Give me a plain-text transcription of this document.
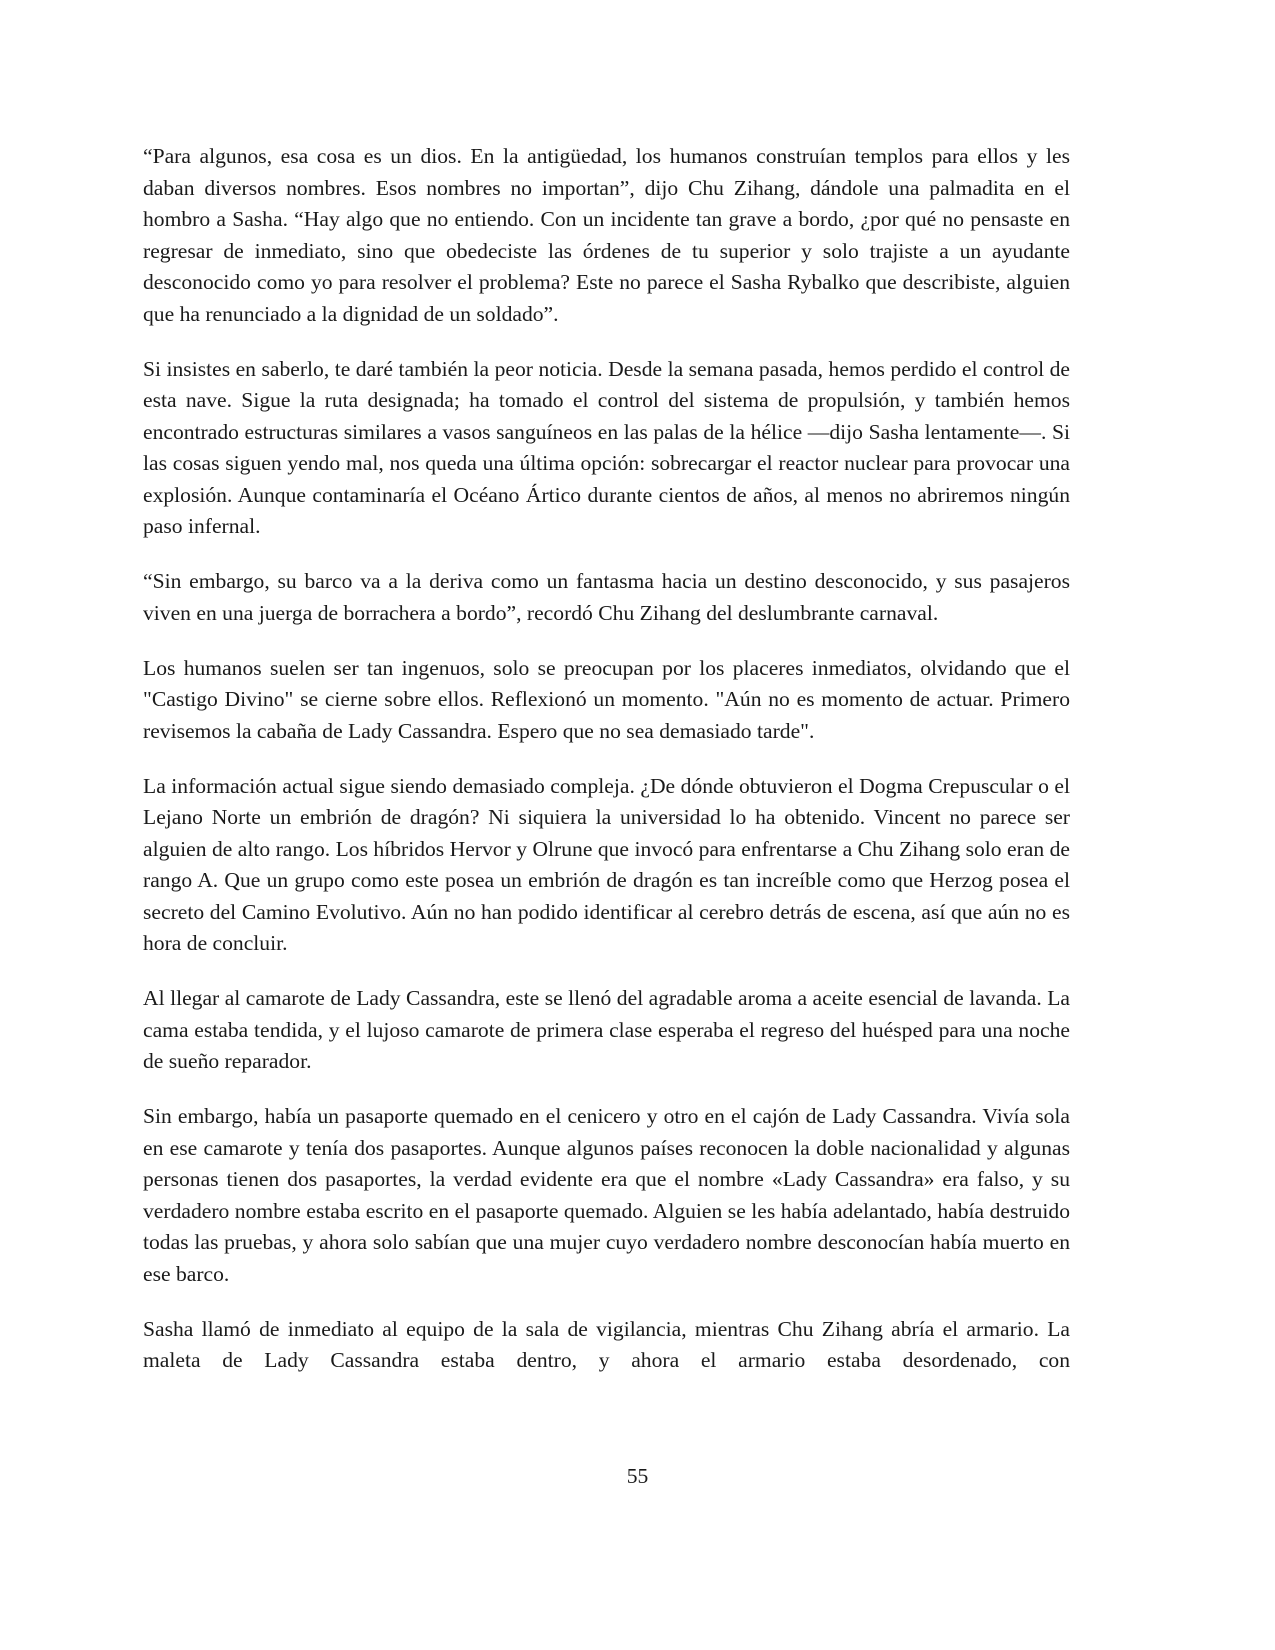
“Para algunos, esa cosa es un dios. En la antigüedad, los humanos construían templos para ellos y les daban diversos nombres. Esos nombres no importan”, dijo Chu Zihang, dándole una palmadita en el hombro a Sasha. “Hay algo que no entiendo. Con un incidente tan grave a bordo, ¿por qué no pensaste en regresar de inmediato, sino que obedeciste las órdenes de tu superior y solo trajiste a un ayudante desconocido como yo para resolver el problema? Este no parece el Sasha Rybalko que describiste, alguien que ha renunciado a la dignidad de un soldado”.

Si insistes en saberlo, te daré también la peor noticia. Desde la semana pasada, hemos perdido el control de esta nave. Sigue la ruta designada; ha tomado el control del sistema de propulsión, y también hemos encontrado estructuras similares a vasos sanguíneos en las palas de la hélice —dijo Sasha lentamente—. Si las cosas siguen yendo mal, nos queda una última opción: sobrecargar el reactor nuclear para provocar una explosión. Aunque contaminaría el Océano Ártico durante cientos de años, al menos no abriremos ningún paso infernal.

“Sin embargo, su barco va a la deriva como un fantasma hacia un destino desconocido, y sus pasajeros viven en una juerga de borrachera a bordo”, recordó Chu Zihang del deslumbrante carnaval.

Los humanos suelen ser tan ingenuos, solo se preocupan por los placeres inmediatos, olvidando que el "Castigo Divino" se cierne sobre ellos. Reflexionó un momento. "Aún no es momento de actuar. Primero revisemos la cabaña de Lady Cassandra. Espero que no sea demasiado tarde".

La información actual sigue siendo demasiado compleja. ¿De dónde obtuvieron el Dogma Crepuscular o el Lejano Norte un embrión de dragón? Ni siquiera la universidad lo ha obtenido. Vincent no parece ser alguien de alto rango. Los híbridos Hervor y Olrune que invocó para enfrentarse a Chu Zihang solo eran de rango A. Que un grupo como este posea un embrión de dragón es tan increíble como que Herzog posea el secreto del Camino Evolutivo. Aún no han podido identificar al cerebro detrás de escena, así que aún no es hora de concluir.

Al llegar al camarote de Lady Cassandra, este se llenó del agradable aroma a aceite esencial de lavanda. La cama estaba tendida, y el lujoso camarote de primera clase esperaba el regreso del huésped para una noche de sueño reparador.

Sin embargo, había un pasaporte quemado en el cenicero y otro en el cajón de Lady Cassandra. Vivía sola en ese camarote y tenía dos pasaportes. Aunque algunos países reconocen la doble nacionalidad y algunas personas tienen dos pasaportes, la verdad evidente era que el nombre «Lady Cassandra» era falso, y su verdadero nombre estaba escrito en el pasaporte quemado. Alguien se les había adelantado, había destruido todas las pruebas, y ahora solo sabían que una mujer cuyo verdadero nombre desconocían había muerto en ese barco.

Sasha llamó de inmediato al equipo de la sala de vigilancia, mientras Chu Zihang abría el armario. La maleta de Lady Cassandra estaba dentro, y ahora el armario estaba desordenado, con

55
